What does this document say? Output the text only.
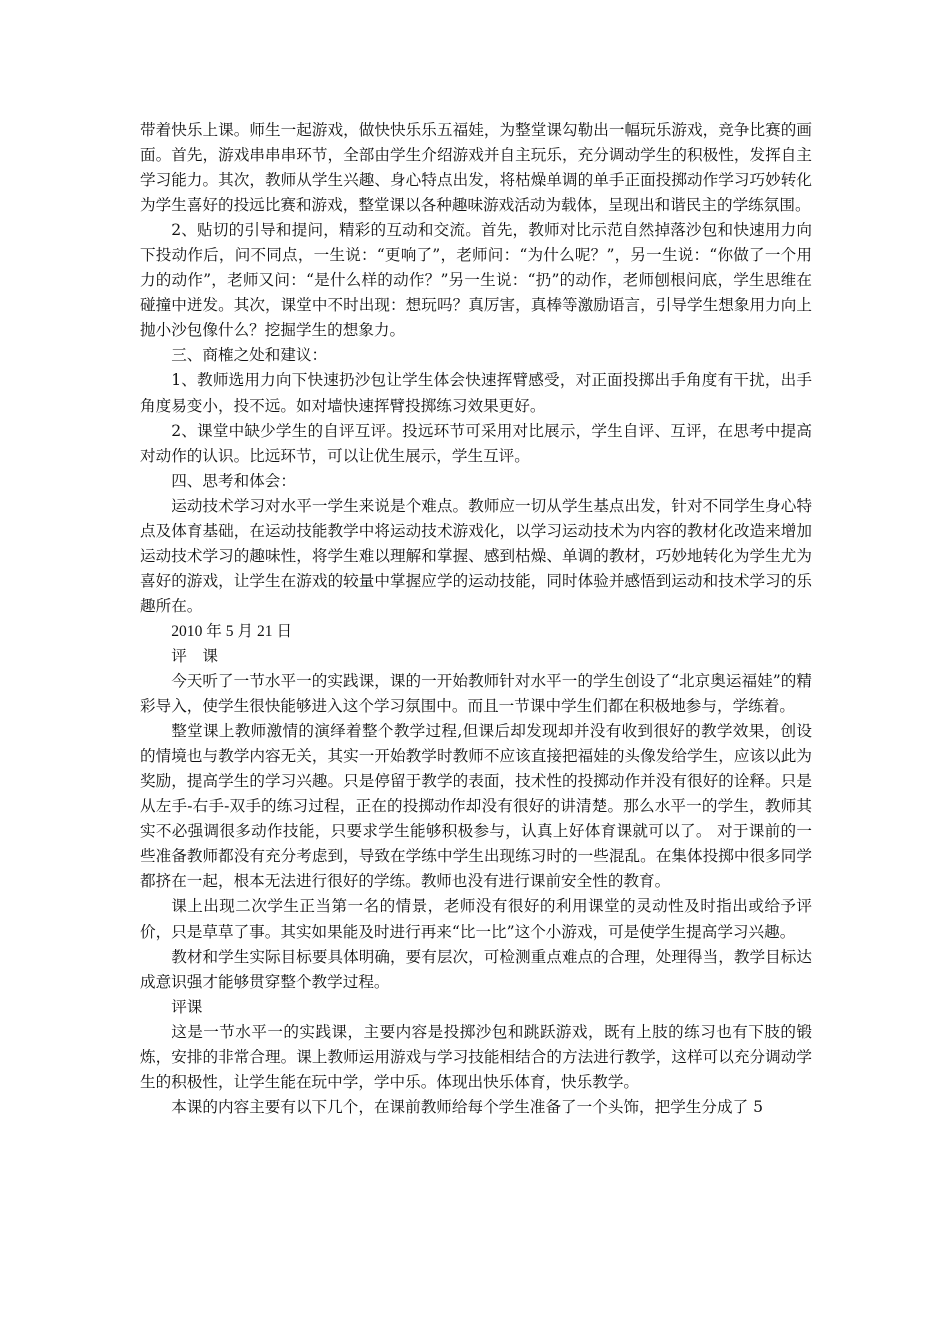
带着快乐上课。师生一起游戏，做快快乐乐五福娃，为整堂课勾勒出一幅玩乐游戏，竞争比赛的画面。首先，游戏串串串环节，全部由学生介绍游戏并自主玩乐，充分调动学生的积极性，发挥自主学习能力。其次，教师从学生兴趣、身心特点出发，将枯燥单调的单手正面投掷动作学习巧妙转化为学生喜好的投远比赛和游戏，整堂课以各种趣味游戏活动为载体，呈现出和谐民主的学练氛围。

2、贴切的引导和提问，精彩的互动和交流。首先，教师对比示范自然掉落沙包和快速用力向下投动作后，问不同点，一生说：“更响了”，老师问：“为什么呢？”，另一生说：“你做了一个用力的动作”，老师又问：“是什么样的动作？”另一生说：“扔”的动作，老师刨根问底，学生思维在碰撞中迸发。其次，课堂中不时出现：想玩吗？真厉害，真棒等激励语言，引导学生想象用力向上抛小沙包像什么？挖掘学生的想象力。

三、商榷之处和建议：

1、教师选用力向下快速扔沙包让学生体会快速挥臂感受，对正面投掷出手角度有干扰，出手角度易变小，投不远。如对墙快速挥臂投掷练习效果更好。

2、课堂中缺少学生的自评互评。投远环节可采用对比展示，学生自评、互评，在思考中提高对动作的认识。比远环节，可以让优生展示，学生互评。

四、思考和体会：

运动技术学习对水平一学生来说是个难点。教师应一切从学生基点出发，针对不同学生身心特点及体育基础，在运动技能教学中将运动技术游戏化，以学习运动技术为内容的教材化改造来增加运动技术学习的趣味性，将学生难以理解和掌握、感到枯燥、单调的教材，巧妙地转化为学生尤为喜好的游戏，让学生在游戏的较量中掌握应学的运动技能，同时体验并感悟到运动和技术学习的乐趣所在。

2010 年 5 月 21 日

评课

今天听了一节水平一的实践课，课的一开始教师针对水平一的学生创设了“北京奥运福娃”的精彩导入，使学生很快能够进入这个学习氛围中。而且一节课中学生们都在积极地参与，学练着。

整堂课上教师激情的演绎着整个教学过程,但课后却发现却并没有收到很好的教学效果，创设的情境也与教学内容无关，其实一开始教学时教师不应该直接把福娃的头像发给学生，应该以此为奖励，提高学生的学习兴趣。只是停留于教学的表面，技术性的投掷动作并没有很好的诠释。只是从左手-右手-双手的练习过程，正在的投掷动作却没有很好的讲清楚。那么水平一的学生，教师其实不必强调很多动作技能，只要求学生能够积极参与，认真上好体育课就可以了。 对于课前的一些准备教师都没有充分考虑到，导致在学练中学生出现练习时的一些混乱。在集体投掷中很多同学都挤在一起，根本无法进行很好的学练。教师也没有进行课前安全性的教育。

课上出现二次学生正当第一名的情景，老师没有很好的利用课堂的灵动性及时指出或给予评价，只是草草了事。其实如果能及时进行再来“比一比”这个小游戏，可是使学生提高学习兴趣。

教材和学生实际目标要具体明确，要有层次，可检测重点难点的合理，处理得当，教学目标达成意识强才能够贯穿整个教学过程。

评课

这是一节水平一的实践课，主要内容是投掷沙包和跳跃游戏，既有上肢的练习也有下肢的锻炼，安排的非常合理。课上教师运用游戏与学习技能相结合的方法进行教学，这样可以充分调动学生的积极性，让学生能在玩中学，学中乐。体现出快乐体育，快乐教学。

本课的内容主要有以下几个，在课前教师给每个学生准备了一个头饰，把学生分成了 5
